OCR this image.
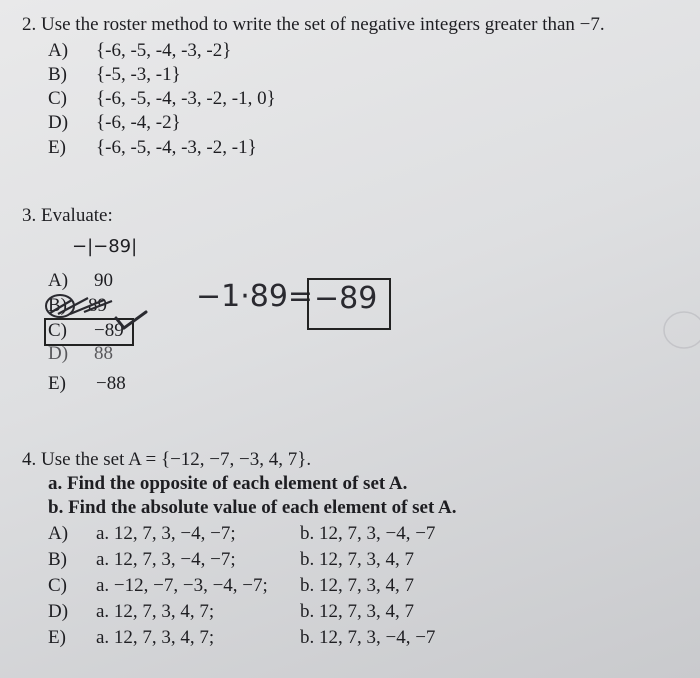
2. Use the roster method to write the set of negative integers greater than −7.
A) {-6, -5, -4, -3, -2}
B) {-5, -3, -1}
C) {-6, -5, -4, -3, -2, -1, 0}
D) {-6, -4, -2}
E) {-6, -5, -4, -3, -2, -1}
3. Evaluate:
−|−89|
A) 90
B) 89
C) −89
D) 88
E) −88
−1·89= −89
4. Use the set A = {−12, −7, −3, 4, 7}.
a. Find the opposite of each element of set A.
b. Find the absolute value of each element of set A.
A) a. 12, 7, 3, −4, −7;	b. 12, 7, 3, −4, −7
B) a. 12, 7, 3, −4, −7;	b. 12, 7, 3, 4, 7
C) a. −12, −7, −3, −4, −7; b. 12, 7, 3, 4, 7
D) a. 12, 7, 3, 4, 7;	b. 12, 7, 3, 4, 7
E) a. 12, 7, 3, 4, 7;	b. 12, 7, 3, −4, −7
